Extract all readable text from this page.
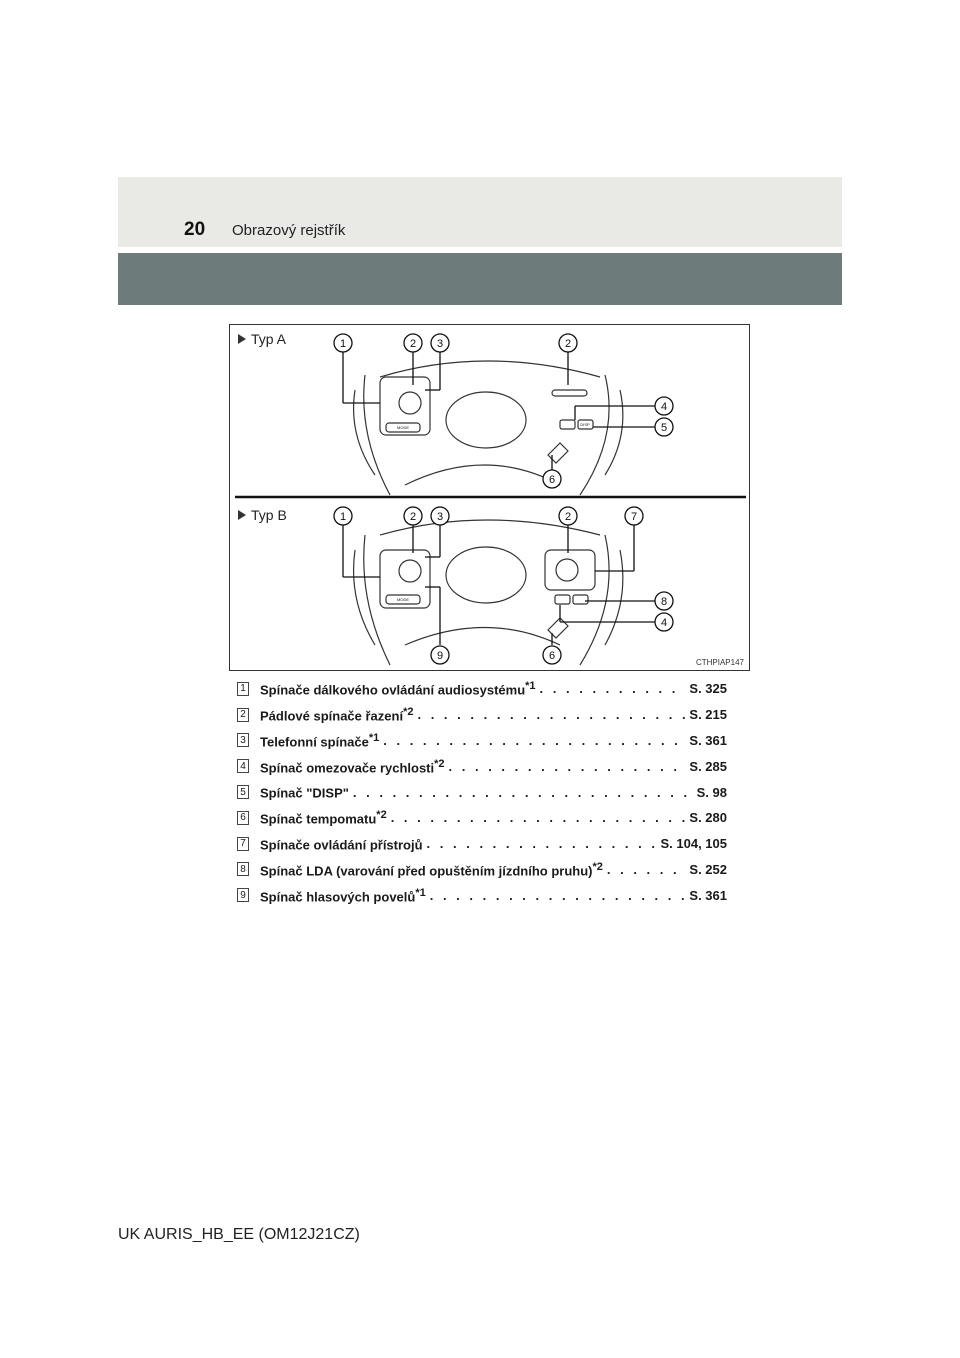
20 Obrazový rejstřík
1	2 3	2
4
5
6
1	2 3	2	7
8
4
9	6
MODE
DISP
MODE
Typ A
Typ B
CTHPIAP147
1 Spínače dálkového ovládání audiosystému$^{*1}$ . . .	S. 325
2 Pádlové spínače řazení$^{*2}$ . . .	S. 215
3 Telefonní spínače$^{*1}$ . . .	S. 361
4 Spínač omezovače rychlosti$^{*2}$ . . .	S. 285
5 Spínač "DISP" . . .	S. 98
6 Spínač tempomatu$^{*2}$ . . .	S. 280
7 Spínače ovládání přístrojů . . .	S. 104, 105
8 Spínač LDA (varování před opuštěním jízdního pruhu)$^{*2}$ . . .	S. 252
9 Spínač hlasových povelů$^{*1}$ . . .	S. 361
UK AURIS_HB_EE (OM12J21CZ)
